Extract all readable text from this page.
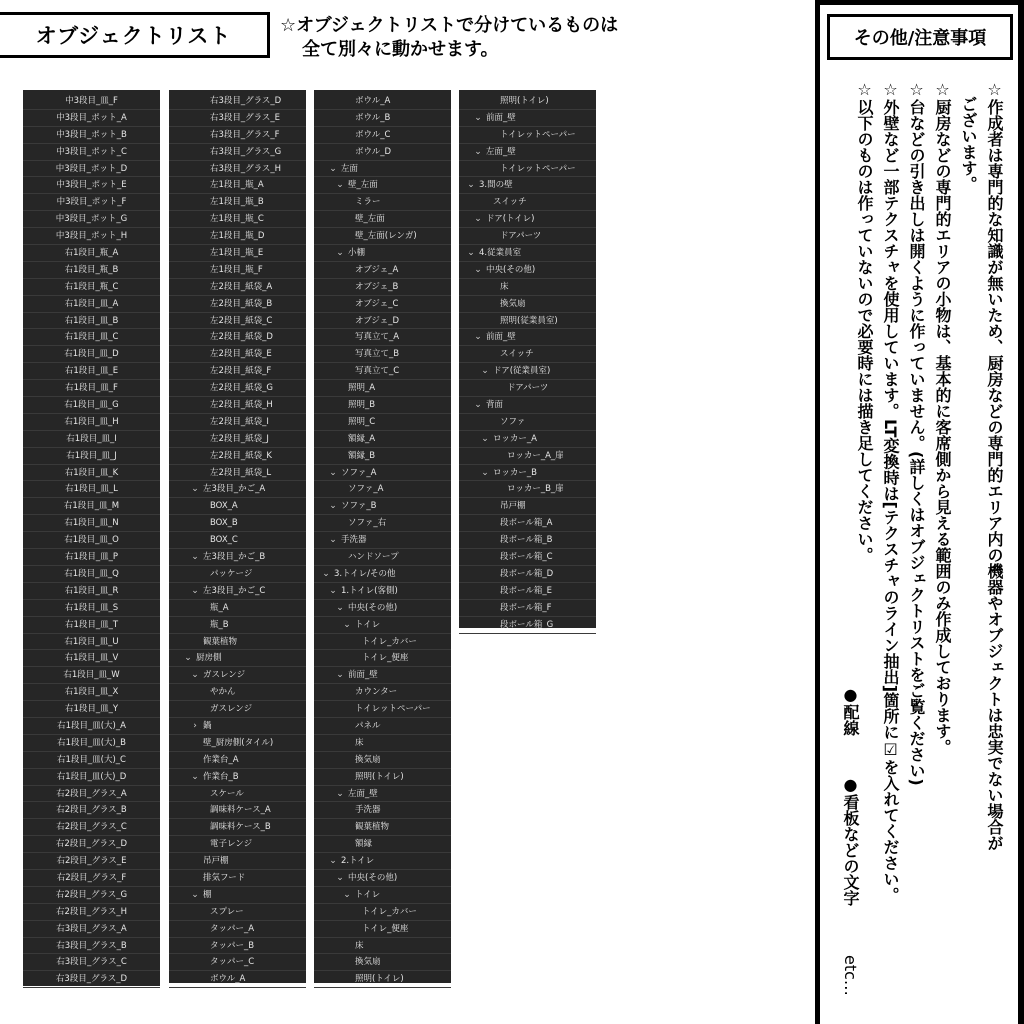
オブジェクトリスト	☆オブジェクトリストで分けているものは
全て別々に動かせます。
中3段目_皿_F
中3段目_ポット_A
中3段目_ポット_B
中3段目_ポット_C
中3段目_ポット_D
中3段目_ポット_E
中3段目_ポット_F
中3段目_ポット_G
中3段目_ポット_H
右1段目_瓶_A
右1段目_瓶_B
右1段目_瓶_C
右1段目_皿_A
右1段目_皿_B
右1段目_皿_C
右1段目_皿_D
右1段目_皿_E
右1段目_皿_F
右1段目_皿_G
右1段目_皿_H
右1段目_皿_I
右1段目_皿_J
右1段目_皿_K
右1段目_皿_L
右1段目_皿_M
右1段目_皿_N
右1段目_皿_O
右1段目_皿_P
右1段目_皿_Q
右1段目_皿_R
右1段目_皿_S
右1段目_皿_T
右1段目_皿_U
右1段目_皿_V
右1段目_皿_W
右1段目_皿_X
右1段目_皿_Y
右1段目_皿(大)_A
右1段目_皿(大)_B
右1段目_皿(大)_C
右1段目_皿(大)_D
右2段目_グラス_A
右2段目_グラス_B
右2段目_グラス_C
右2段目_グラス_D
右2段目_グラス_E
右2段目_グラス_F
右2段目_グラス_G
右2段目_グラス_H
右3段目_グラス_A
右3段目_グラス_B
右3段目_グラス_C
右3段目_グラス_D
右3段目_グラス_D
右3段目_グラス_E
右3段目_グラス_F
右3段目_グラス_G
右3段目_グラス_H
左1段目_瓶_A
左1段目_瓶_B
左1段目_瓶_C
左1段目_瓶_D
左1段目_瓶_E
左1段目_瓶_F
左2段目_紙袋_A
左2段目_紙袋_B
左2段目_紙袋_C
左2段目_紙袋_D
左2段目_紙袋_E
左2段目_紙袋_F
左2段目_紙袋_G
左2段目_紙袋_H
左2段目_紙袋_I
左2段目_紙袋_J
左2段目_紙袋_K
左2段目_紙袋_L
⌄ 左3段目_かご_A
BOX_A
BOX_B
BOX_C
⌄ 左3段目_かご_B
パッケージ
⌄ 左3段目_かご_C
瓶_A
瓶_B
観葉植物
⌄ 厨房側
⌄ ガスレンジ
やかん
ガスレンジ
› 鍋
壁_厨房側(タイル)
作業台_A
⌄ 作業台_B
スケール
調味料ケース_A
調味料ケース_B
電子レンジ
吊戸棚
排気フード
⌄ 棚
スプレー
タッパー_A
タッパー_B
タッパー_C
ボウル_A
ボウル_A
ボウル_B
ボウル_C
ボウル_D
⌄ 左面
⌄ 壁_左面
ミラー
壁_左面
壁_左面(レンガ)
⌄ 小棚
オブジェ_A
オブジェ_B
オブジェ_C
オブジェ_D
写真立て_A
写真立て_B
写真立て_C
照明_A
照明_B
照明_C
額縁_A
額縁_B
⌄ ソファ_A
ソファ_A
⌄ ソファ_B
ソファ_右
⌄ 手洗器
ハンドソープ
⌄ 3.トイレ/その他
⌄ 1.トイレ(客側)
⌄ 中央(その他)
⌄ トイレ
トイレ_カバー
トイレ_便座
⌄ 前面_壁
カウンター
トイレットペーパー
パネル
床
換気扇
照明(トイレ)
⌄ 左面_壁
手洗器
観葉植物
額縁
⌄ 2.トイレ
⌄ 中央(その他)
⌄ トイレ
トイレ_カバー
トイレ_便座
床
換気扇
照明(トイレ)
照明(トイレ)
⌄ 前面_壁
トイレットペーパー
⌄ 左面_壁
トイレットペーパー
⌄ 3.間の壁
スイッチ
⌄ ドア(トイレ)
ドアパーツ
⌄ 4.従業員室
⌄ 中央(その他)
床
換気扇
照明(従業員室)
⌄ 前面_壁
スイッチ
⌄ ドア(従業員室)
ドアパーツ
⌄ 背面
ソファ
⌄ ロッカー_A
ロッカー_A_扉
⌄ ロッカー_B
ロッカー_B_扉
吊戸棚
段ボール箱_A
段ボール箱_B
段ボール箱_C
段ボール箱_D
段ボール箱_E
段ボール箱_F
段ボール箱_G
その他/注意事項
☆作成者は専門的な知識が無いため、厨房などの専門的エリア内の機器やオブジェクトは忠実でない場合が
ございます。
☆厨房などの専門的エリアの小物は、基本的に客席側から見える範囲のみ作成しております。
☆台などの引き出しは開くように作っていません。(詳しくはオブジェクトリストをご覧ください)
☆外壁など一部テクスチャを使用しています。LT変換時は[テクスチャのライン抽出]箇所に☑を入れてください。
☆以下のものは作っていないので必要時には描き足してください。
●配線
●看板などの文字
etc…
